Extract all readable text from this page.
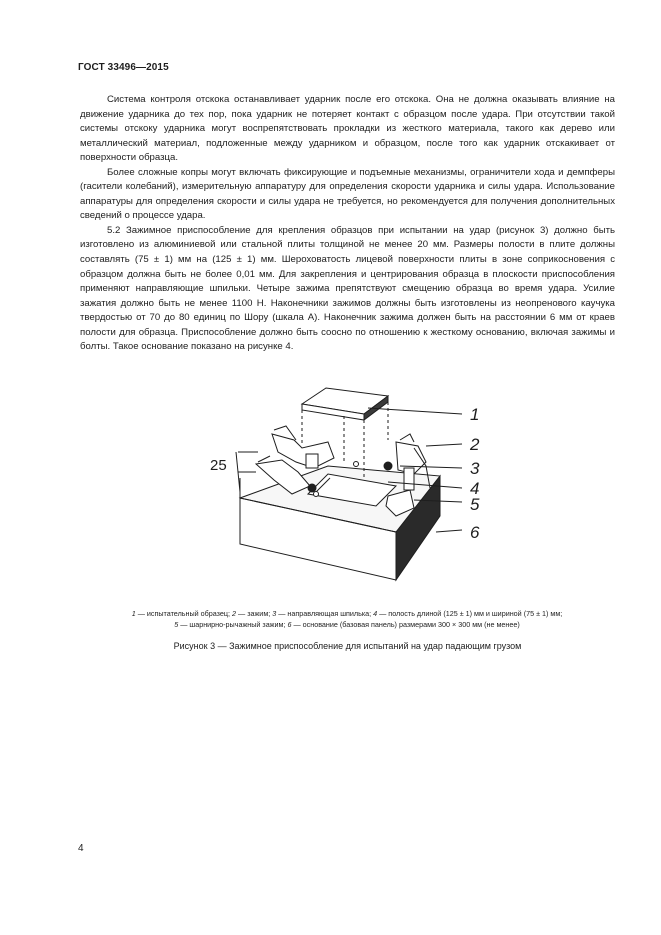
ГОСТ 33496—2015

Система контроля отскока останавливает ударник после его отскока. Она не должна оказывать влияние на движение ударника до тех пор, пока ударник не потеряет контакт с образцом после удара. При отсутствии такой системы отскоку ударника могут воспрепятствовать прокладки из жесткого материала, такого как дерево или металлический материал, подложенные между ударником и образцом, после того как ударник отскакивает от поверхности образца.

Более сложные копры могут включать фиксирующие и подъемные механизмы, ограничители хода и демпферы (гасители колебаний), измерительную аппаратуру для определения скорости ударника и силы удара. Использование аппаратуры для определения скорости и силы удара не требуется, но рекомендуется для получения дополнительных сведений о процессе удара.

5.2 Зажимное приспособление для крепления образцов при испытании на удар (рисунок 3) должно быть изготовлено из алюминиевой или стальной плиты толщиной не менее 20 мм. Размеры полости в плите должны составлять (75 ± 1) мм на (125 ± 1) мм. Шероховатость лицевой поверхности плиты в зоне соприкосновения с образцом должна быть не более 0,01 мм. Для закрепления и центрирования образца в плоскости приспособления применяют направляющие шпильки. Четыре зажима препятствуют смещению образца во время удара. Усилие зажатия должно быть не менее 1100 Н. Наконечники зажимов должны быть изготовлены из неопренового каучука твердостью от 70 до 80 единиц по Шору (шкала А). Наконечник зажима должен быть на расстоянии 6 мм от краев полости для образца. Приспособление должно быть соосно по отношению к жесткому основанию, включая зажимы и болты. Такое основание показано на рисунке 4.

25
1
2
3
4
5
6
1 — испытательный образец; 2 — зажим; 3 — направляющая шпилька; 4 — полость длиной (125 ± 1) мм и шириной (75 ± 1) мм;
5 — шарнирно-рычажный зажим; 6 — основание (базовая панель) размерами 300 × 300 мм (не менее)
Рисунок 3 — Зажимное приспособление для испытаний на удар падающим грузом
4
